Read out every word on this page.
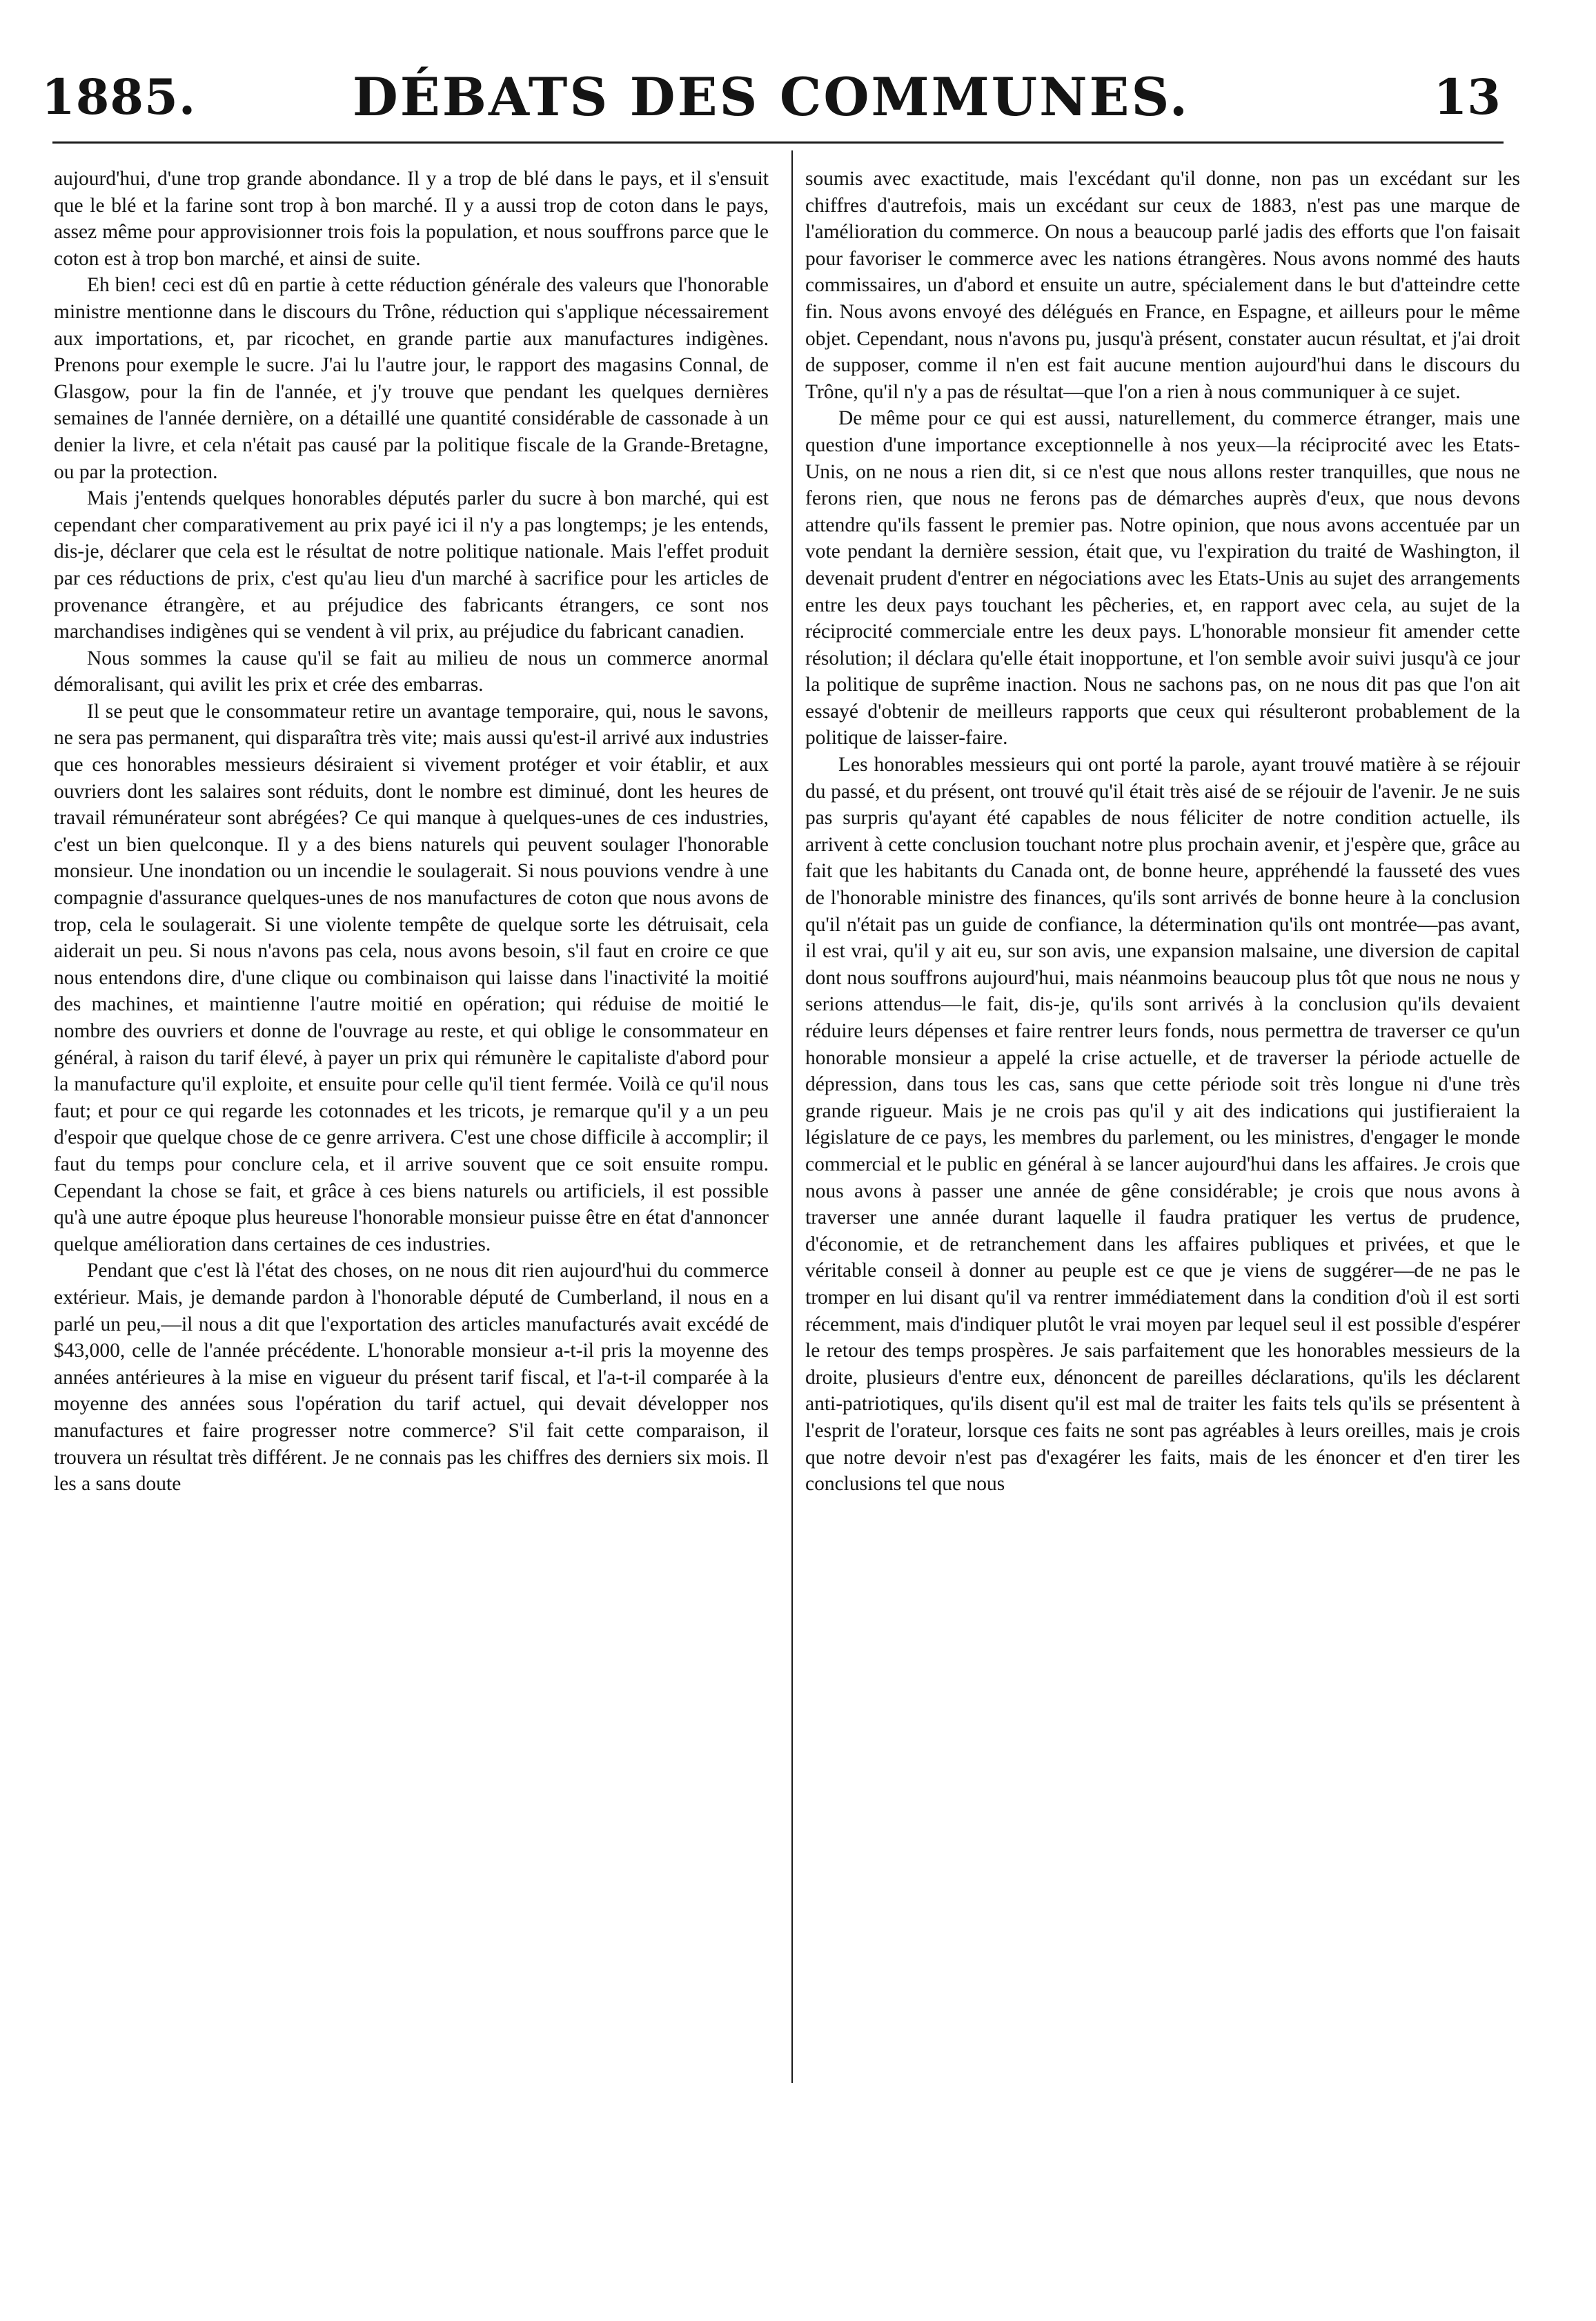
1885.	DÉBATS DES COMMUNES.	13

aujourd'hui, d'une trop grande abondance. Il y a trop de blé dans le pays, et il s'ensuit que le blé et la farine sont trop à bon marché. Il y a aussi trop de coton dans le pays, assez même pour approvisionner trois fois la population, et nous souffrons parce que le coton est à trop bon marché, et ainsi de suite.

Eh bien! ceci est dû en partie à cette réduction générale des valeurs que l'honorable ministre mentionne dans le discours du Trône, réduction qui s'applique nécessairement aux importations, et, par ricochet, en grande partie aux manufactures indigènes. Prenons pour exemple le sucre. J'ai lu l'autre jour, le rapport des magasins Connal, de Glasgow, pour la fin de l'année, et j'y trouve que pendant les quelques dernières semaines de l'année dernière, on a détaillé une quantité considérable de cassonade à un denier la livre, et cela n'était pas causé par la politique fiscale de la Grande-Bretagne, ou par la protection.

Mais j'entends quelques honorables députés parler du sucre à bon marché, qui est cependant cher comparativement au prix payé ici il n'y a pas longtemps; je les entends, dis-je, déclarer que cela est le résultat de notre politique nationale. Mais l'effet produit par ces réductions de prix, c'est qu'au lieu d'un marché à sacrifice pour les articles de provenance étrangère, et au préjudice des fabricants étrangers, ce sont nos marchandises indigènes qui se vendent à vil prix, au préjudice du fabricant canadien.

Nous sommes la cause qu'il se fait au milieu de nous un commerce anormal démoralisant, qui avilit les prix et crée des embarras.

Il se peut que le consommateur retire un avantage temporaire, qui, nous le savons, ne sera pas permanent, qui disparaîtra très vite; mais aussi qu'est-il arrivé aux industries que ces honorables messieurs désiraient si vivement protéger et voir établir, et aux ouvriers dont les salaires sont réduits, dont le nombre est diminué, dont les heures de travail rémunérateur sont abrégées? Ce qui manque à quelques-unes de ces industries, c'est un bien quelconque. Il y a des biens naturels qui peuvent soulager l'honorable monsieur. Une inondation ou un incendie le soulagerait. Si nous pouvions vendre à une compagnie d'assurance quelques-unes de nos manufactures de coton que nous avons de trop, cela le soulagerait. Si une violente tempête de quelque sorte les détruisait, cela aiderait un peu. Si nous n'avons pas cela, nous avons besoin, s'il faut en croire ce que nous entendons dire, d'une clique ou combinaison qui laisse dans l'inactivité la moitié des machines, et maintienne l'autre moitié en opération; qui réduise de moitié le nombre des ouvriers et donne de l'ouvrage au reste, et qui oblige le consommateur en général, à raison du tarif élevé, à payer un prix qui rémunère le capitaliste d'abord pour la manufacture qu'il exploite, et ensuite pour celle qu'il tient fermée. Voilà ce qu'il nous faut; et pour ce qui regarde les cotonnades et les tricots, je remarque qu'il y a un peu d'espoir que quelque chose de ce genre arrivera. C'est une chose difficile à accomplir; il faut du temps pour conclure cela, et il arrive souvent que ce soit ensuite rompu. Cependant la chose se fait, et grâce à ces biens naturels ou artificiels, il est possible qu'à une autre époque plus heureuse l'honorable monsieur puisse être en état d'annoncer quelque amélioration dans certaines de ces industries.

Pendant que c'est là l'état des choses, on ne nous dit rien aujourd'hui du commerce extérieur. Mais, je demande pardon à l'honorable député de Cumberland, il nous en a parlé un peu,—il nous a dit que l'exportation des articles manufacturés avait excédé de $43,000, celle de l'année précédente. L'honorable monsieur a-t-il pris la moyenne des années antérieures à la mise en vigueur du présent tarif fiscal, et l'a-t-il comparée à la moyenne des années sous l'opération du tarif actuel, qui devait développer nos manufactures et faire progresser notre commerce? S'il fait cette comparaison, il trouvera un résultat très différent. Je ne connais pas les chiffres des derniers six mois. Il les a sans doute

soumis avec exactitude, mais l'excédant qu'il donne, non pas un excédant sur les chiffres d'autrefois, mais un excédant sur ceux de 1883, n'est pas une marque de l'amélioration du commerce. On nous a beaucoup parlé jadis des efforts que l'on faisait pour favoriser le commerce avec les nations étrangères. Nous avons nommé des hauts commissaires, un d'abord et ensuite un autre, spécialement dans le but d'atteindre cette fin. Nous avons envoyé des délégués en France, en Espagne, et ailleurs pour le même objet. Cependant, nous n'avons pu, jusqu'à présent, constater aucun résultat, et j'ai droit de supposer, comme il n'en est fait aucune mention aujourd'hui dans le discours du Trône, qu'il n'y a pas de résultat—que l'on a rien à nous communiquer à ce sujet.

De même pour ce qui est aussi, naturellement, du commerce étranger, mais une question d'une importance exceptionnelle à nos yeux—la réciprocité avec les Etats-Unis, on ne nous a rien dit, si ce n'est que nous allons rester tranquilles, que nous ne ferons rien, que nous ne ferons pas de démarches auprès d'eux, que nous devons attendre qu'ils fassent le premier pas. Notre opinion, que nous avons accentuée par un vote pendant la dernière session, était que, vu l'expiration du traité de Washington, il devenait prudent d'entrer en négociations avec les Etats-Unis au sujet des arrangements entre les deux pays touchant les pêcheries, et, en rapport avec cela, au sujet de la réciprocité commerciale entre les deux pays. L'honorable monsieur fit amender cette résolution; il déclara qu'elle était inopportune, et l'on semble avoir suivi jusqu'à ce jour la politique de suprême inaction. Nous ne sachons pas, on ne nous dit pas que l'on ait essayé d'obtenir de meilleurs rapports que ceux qui résulteront probablement de la politique de laisser-faire.

Les honorables messieurs qui ont porté la parole, ayant trouvé matière à se réjouir du passé, et du présent, ont trouvé qu'il était très aisé de se réjouir de l'avenir. Je ne suis pas surpris qu'ayant été capables de nous féliciter de notre condition actuelle, ils arrivent à cette conclusion touchant notre plus prochain avenir, et j'espère que, grâce au fait que les habitants du Canada ont, de bonne heure, appréhendé la fausseté des vues de l'honorable ministre des finances, qu'ils sont arrivés de bonne heure à la conclusion qu'il n'était pas un guide de confiance, la détermination qu'ils ont montrée—pas avant, il est vrai, qu'il y ait eu, sur son avis, une expansion malsaine, une diversion de capital dont nous souffrons aujourd'hui, mais néanmoins beaucoup plus tôt que nous ne nous y serions attendus—le fait, dis-je, qu'ils sont arrivés à la conclusion qu'ils devaient réduire leurs dépenses et faire rentrer leurs fonds, nous permettra de traverser ce qu'un honorable monsieur a appelé la crise actuelle, et de traverser la période actuelle de dépression, dans tous les cas, sans que cette période soit très longue ni d'une très grande rigueur. Mais je ne crois pas qu'il y ait des indications qui justifieraient la législature de ce pays, les membres du parlement, ou les ministres, d'engager le monde commercial et le public en général à se lancer aujourd'hui dans les affaires. Je crois que nous avons à passer une année de gêne considérable; je crois que nous avons à traverser une année durant laquelle il faudra pratiquer les vertus de prudence, d'économie, et de retranchement dans les affaires publiques et privées, et que le véritable conseil à donner au peuple est ce que je viens de suggérer—de ne pas le tromper en lui disant qu'il va rentrer immédiatement dans la condition d'où il est sorti récemment, mais d'indiquer plutôt le vrai moyen par lequel seul il est possible d'espérer le retour des temps prospères. Je sais parfaitement que les honorables messieurs de la droite, plusieurs d'entre eux, dénoncent de pareilles déclarations, qu'ils les déclarent anti-patriotiques, qu'ils disent qu'il est mal de traiter les faits tels qu'ils se présentent à l'esprit de l'orateur, lorsque ces faits ne sont pas agréables à leurs oreilles, mais je crois que notre devoir n'est pas d'exagérer les faits, mais de les énoncer et d'en tirer les conclusions tel que nous
